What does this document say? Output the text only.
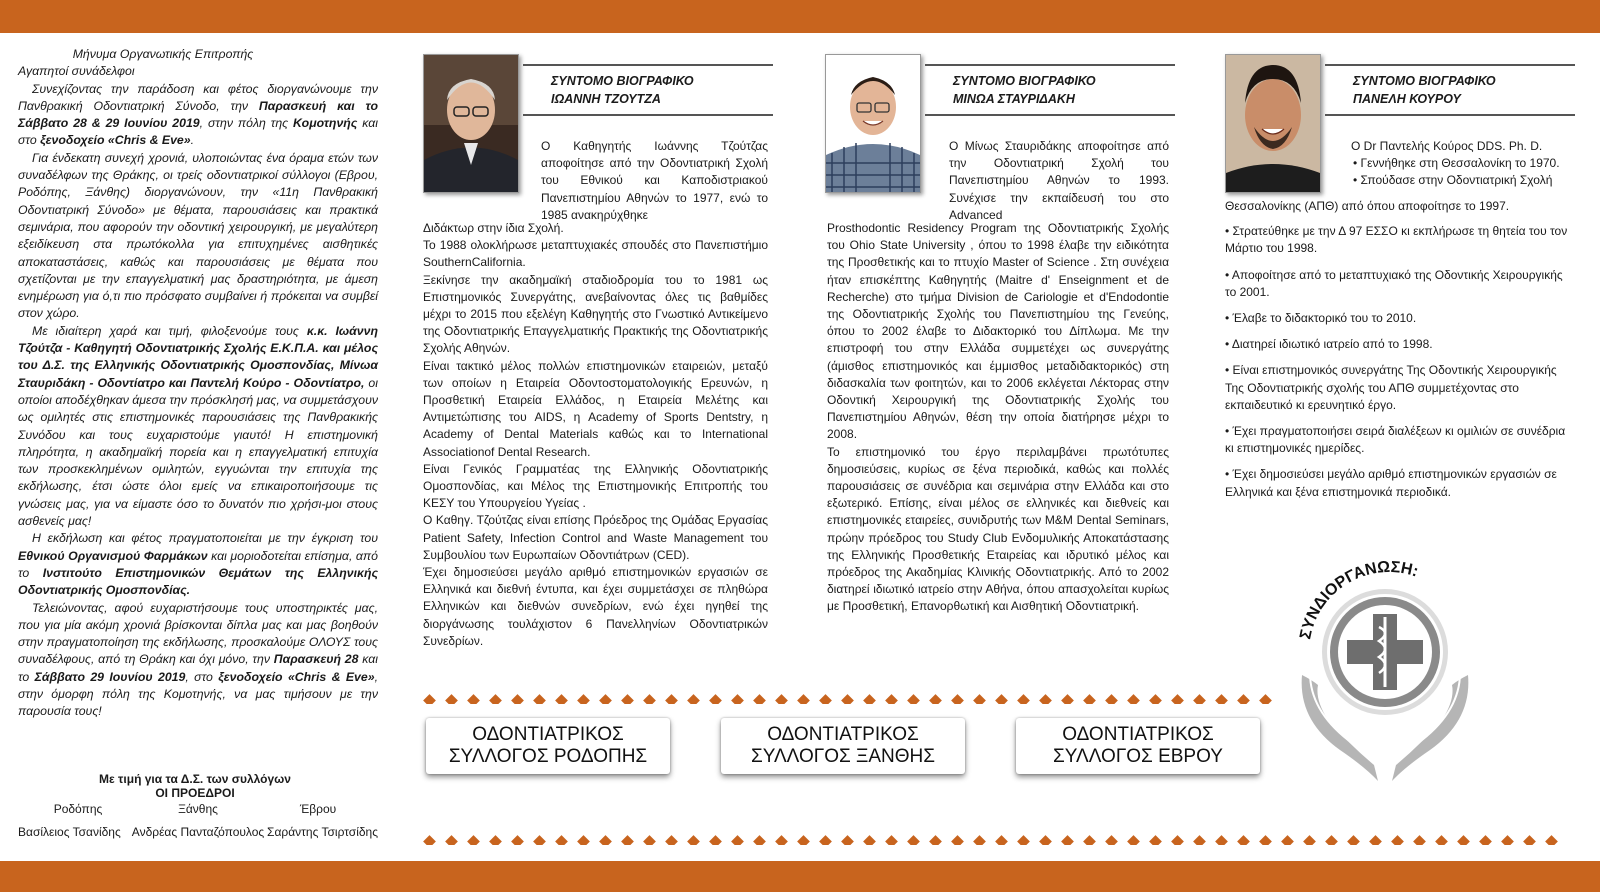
Μήνυμα Οργανωτικής Επιτροπής

Αγαπητοί συνάδελφοι

Συνεχίζοντας την παράδοση και φέτος διοργανώνουμε την Πανθρακική Οδοντιατρική Σύνοδο, την Παρασκευή και το Σάββατο 28 & 29 Ιουνίου 2019, στην πόλη της Κομοτηνής και στο ξενοδοχείο «Chris & Eve».

Για ένδεκατη συνεχή χρονιά, υλοποιώντας ένα όραμα ετών των συναδέλφων της Θράκης, οι τρείς οδοντιατρικοί σύλλογοι (Εβρου, Ροδόπης, Ξάνθης) διοργανώνουν, την «11η Πανθρακική Οδοντιατρική Σύνοδο» με θέματα, παρουσιάσεις και πρακτικά σεμινάρια, που αφορούν την οδοντική χειρουργική, με μεγαλύτερη εξειδίκευση στα πρωτόκολλα για επιτυχημένες αισθητικές αποκαταστάσεις, καθώς και παρουσιάσεις με θέματα που σχετίζονται με την επαγγελματική μας δραστηριότητα, με άμεση ενημέρωση για ό,τι πιο πρόσφατο συμβαίνει ή πρόκειται να συμβεί στον χώρο.

Με ιδιαίτερη χαρά και τιμή, φιλοξενούμε τους κ.κ. Ιωάννη Τζούτζα - Καθηγητή Οδοντιατρικής Σχολής Ε.Κ.Π.Α. και μέλος του Δ.Σ. της Ελληνικής Οδοντιατρικής Ομοσπονδίας, Μίνωα Σταυριδάκη - Οδοντίατρο και Παντελή Κούρο - Οδοντίατρο, οι οποίοι αποδέχθηκαν άμεσα την πρόσκλησή μας, να συμμετάσχουν ως ομιλητές στις επιστημονικές παρουσιάσεις της Πανθρακικής Συνόδου και τους ευχαριστούμε γιαυτό! Η επιστημονική πληρότητα, η ακαδημαϊκή πορεία και η επαγγελματική επιτυχία των προσκεκλημένων ομιλητών, εγγυώνται την επιτυχία της εκδήλωσης, έτσι ώστε όλοι εμείς να επικαιροποιήσουμε τις γνώσεις μας, για να είμαστε όσο το δυνατόν πιο χρήσι-μοι στους ασθενείς μας!

Η εκδήλωση και φέτος πραγματοποιείται με την έγκριση του Εθνικού Οργανισμού Φαρμάκων και μοριοδοτείται επίσημα, από το Ινστιτούτο Επιστημονικών Θεμάτων της Ελληνικής Οδοντιατρικής Ομοσπονδίας.

Τελειώνοντας, αφού ευχαριστήσουμε τους υποστηρικτές μας, που για μία ακόμη χρονιά βρίσκονται δίπλα μας και μας βοηθούν στην πραγματοποίηση της εκδήλωσης, προσκαλούμε ΟΛΟΥΣ τους συναδέλφους, από τη Θράκη και όχι μόνο, την Παρασκευή 28 και το Σάββατο 29 Ιουνίου 2019, στο ξενοδοχείο «Chris & Eve», στην όμορφη πόλη της Κομοτηνής, να μας τιμήσουν με την παρουσία τους!

Με τιμή για τα Δ.Σ. των συλλόγων
ΟΙ ΠΡΟΕΔΡΟΙ
Ροδόπης	Ξάνθης	Έβρου
Βασίλειος Τσανίδης Ανδρέας Πανταζόπουλος Σαράντης Τσιρτσίδης
ΣΥΝΤΟΜΟ ΒΙΟΓΡΑΦΙΚΟ
ΙΩΑΝΝΗ ΤΖΟΥΤΖΑ
Ο Καθηγητής Ιωάννης Τζούτζας αποφοίτησε από την Οδοντιατρική Σχολή του Εθνικού και Καποδιστριακού Πανεπιστημίου Αθηνών το 1977, ενώ το 1985 ανακηρύχθηκε
Διδάκτωρ στην ίδια Σχολή.
Το 1988 ολοκλήρωσε μεταπτυχιακές σπουδές στο Πανεπιστήμιο SouthernCalifornia.
Ξεκίνησε την ακαδημαϊκή σταδιοδρομία του το 1981 ως Επιστημονικός Συνεργάτης, ανεβαίνοντας όλες τις βαθμίδες μέχρι το 2015 που εξελέγη Καθηγητής στο Γνωστικό Αντικείμενο της Οδοντιατρικής Επαγγελματικής Πρακτικής της Οδοντιατρικής Σχολής Αθηνών.
Είναι τακτικό μέλος πολλών επιστημονικών εταιρειών, μεταξύ των οποίων η Εταιρεία Οδοντοστοματολογικής Ερευνών, η Προσθετική Εταιρεία Ελλάδος, η Εταιρεία Μελέτης και Αντιμετώπισης του AIDS, η Academy of Sports Dentstry, η Academy of Dental Materials καθώς και το International Associationof Dental Research.
Είναι Γενικός Γραμματέας της Ελληνικής Οδοντιατρικής Ομοσπονδίας, και Μέλος της Επιστημονικής Επιτροπής του ΚΕΣΥ του Υπουργείου Υγείας .
Ο Καθηγ. Τζούτζας είναι επίσης Πρόεδρος της Ομάδας Εργασίας Patient Safety, Infection Control and Waste Management του Συμβουλίου των Ευρωπαίων Οδοντιάτρων (CED).
Έχει δημοσιεύσει μεγάλο αριθμό επιστημονικών εργασιών σε Ελληνικά και διεθνή έντυπα, και έχει συμμετάσχει σε πληθώρα Ελληνικών και διεθνών συνεδρίων, ενώ έχει ηγηθεί της διοργάνωσης τουλάχιστον 6 Πανελληνίων Οδοντιατρικών Συνεδρίων.
ΣΥΝΤΟΜΟ ΒΙΟΓΡΑΦΙΚΟ
ΜΙΝΩΑ ΣΤΑΥΡΙΔΑΚΗ
Ο Μίνως Σταυριδάκης αποφοίτησε από την Οδοντιατρική Σχολή του Πανεπιστημίου Αθηνών το 1993. Συνέχισε την εκπαίδευσή του στο Advanced
Prosthodontic Residency Program της Οδοντιατρικής Σχολής του Ohio State University , όπου το 1998 έλαβε την ειδικότητα της Προσθετικής και το πτυχίο Master of Science . Στη συνέχεια ήταν επισκέπτης Καθηγητής (Maitre d' Enseignment et de Recherche) στο τμήμα Division de Cariologie et d'Endodontie της Οδοντιατρικής Σχολής του Πανεπιστημίου της Γενεύης, όπου το 2002 έλαβε το Διδακτορικό του Δίπλωμα. Με την επιστροφή του στην Ελλάδα συμμετέχει ως συνεργάτης (άμισθος επιστημονικός και έμμισθος μεταδιδακτορικός) στη διδασκαλία των φοιτητών, και το 2006 εκλέγεται Λέκτορας στην Οδοντική Χειρουργική της Οδοντιατρικής Σχολής του Πανεπιστημίου Αθηνών, θέση την οποία διατήρησε μέχρι το 2008.
Το επιστημονικό του έργο περιλαμβάνει πρωτότυπες δημοσιεύσεις, κυρίως σε ξένα περιοδικά, καθώς και πολλές παρουσιάσεις σε συνέδρια και σεμινάρια στην Ελλάδα και στο εξωτερικό. Επίσης, είναι μέλος σε ελληνικές και διεθνείς και επιστημονικές εταιρείες, συνιδρυτής των M&M Dental Seminars, πρώην πρόεδρος του Study Club Ενδομυλικής Αποκατάστασης της Ελληνικής Προσθετικής Εταιρείας και ιδρυτικό μέλος και πρόεδρος της Ακαδημίας Κλινικής Οδοντιατρικής. Από το 2002 διατηρεί ιδιωτικό ιατρείο στην Αθήνα, όπου απασχολείται κυρίως με Προσθετική, Επανορθωτική και Αισθητική Οδοντιατρική.
ΣΥΝΤΟΜΟ ΒΙΟΓΡΑΦΙΚΟ
ΠΑΝΕΛΗ ΚΟΥΡΟΥ
Ο Dr Παντελής Κούρος DDS. Ph. D.
• Γεννήθηκε στη Θεσσαλονίκη το 1970.
• Σπούδασε στην Οδοντιατρική Σχολή
Θεσσαλονίκης (ΑΠΘ) από όπου αποφοίτησε το 1997.
• Στρατεύθηκε με την Δ 97 ΕΣΣΟ κι εκπλήρωσε τη θητεία του τον Μάρτιο του 1998.
• Αποφοίτησε από το μεταπτυχιακό της Οδοντικής Χειρουργικής το 2001.
• Έλαβε το διδακτορικό του το 2010.
• Διατηρεί ιδιωτικό ιατρείο από το 1998.
• Είναι επιστημονικός συνεργάτης Της Οδοντικής Χειρουργικής Της Οδοντιατρικής σχολής του ΑΠΘ συμμετέχοντας στο εκπαιδευτικό κι ερευνητικό έργο.
• Έχει πραγματοποιήσει σειρά διαλέξεων κι ομιλιών σε συνέδρια κι επιστημονικές ημερίδες.
• Έχει δημοσιεύσει μεγάλο αριθμό επιστημονικών εργασιών σε Ελληνικά και ξένα επιστημονικά περιοδικά.
ΟΔΟΝΤΙΑΤΡΙΚΟΣ
ΣΥΛΛΟΓΟΣ ΡΟΔΟΠΗΣ
ΟΔΟΝΤΙΑΤΡΙΚΟΣ
ΣΥΛΛΟΓΟΣ ΞΑΝΘΗΣ
ΟΔΟΝΤΙΑΤΡΙΚΟΣ
ΣΥΛΛΟΓΟΣ ΕΒΡΟΥ
ΣΥΝΔΙΟΡΓΑΝΩΣΗ:
